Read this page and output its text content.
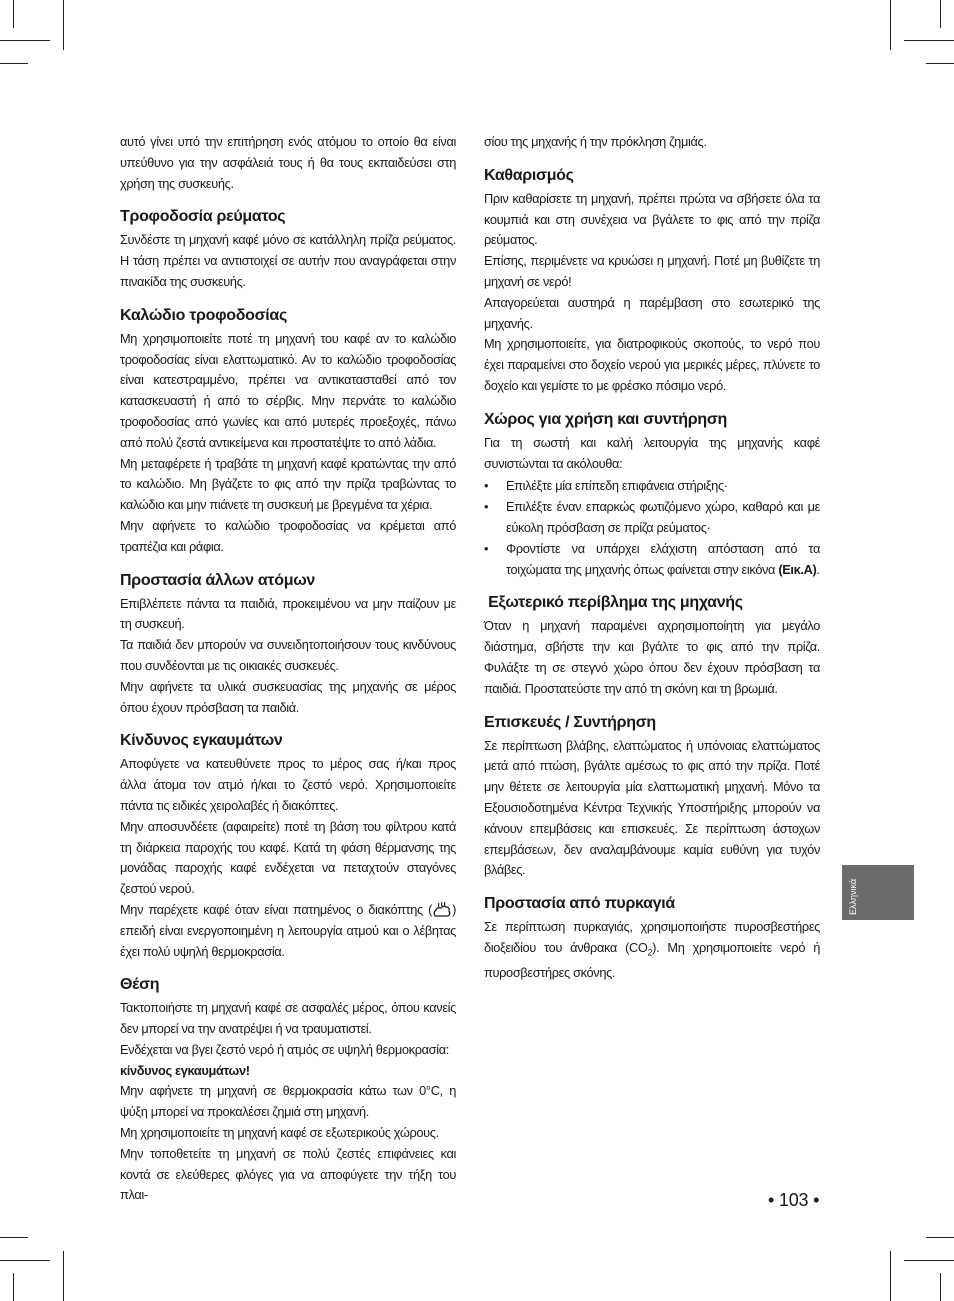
αυτό γίνει υπό την επιτήρηση ενός ατόμου το οποίο θα είναι υπεύθυνο για την ασφάλειά τους ή θα τους εκπαιδεύσει στη χρήση της συσκευής.

Τροφοδοσία ρεύματος

Συνδέστε τη μηχανή καφέ μόνο σε κατάλληλη πρίζα ρεύματος. Η τάση πρέπει να αντιστοιχεί σε αυτήν που αναγράφεται στην πινακίδα της συσκευής.

Καλώδιο τροφοδοσίας

Μη χρησιμοποιείτε ποτέ τη μηχανή του καφέ αν το καλώδιο τροφοδοσίας είναι ελαττωματικό. Αν το καλώδιο τροφοδοσίας είναι κατεστραμμένο, πρέπει να αντικατασταθεί από τον κατασκευαστή ή από το σέρβις. Μην περνάτε το καλώδιο τροφοδοσίας από γωνίες και από μυτερές προεξοχές, πάνω από πολύ ζεστά αντικείμενα και προστατέψτε το από λάδια.

Μη μεταφέρετε ή τραβάτε τη μηχανή καφέ κρατώντας την από το καλώδιο. Μη βγάζετε το φις από την πρίζα τραβώντας το καλώδιο και μην πιάνετε τη συσκευή με βρεγμένα τα χέρια.

Μην αφήνετε το καλώδιο τροφοδοσίας να κρέμεται από τραπέζια και ράφια.

Προστασία άλλων ατόμων

Επιβλέπετε πάντα τα παιδιά, προκειμένου να μην παίζουν με τη συσκευή.

Τα παιδιά δεν μπορούν να συνειδητοποιήσουν τους κινδύνους που συνδέονται με τις οικιακές συσκευές.

Μην αφήνετε τα υλικά συσκευασίας της μηχανής σε μέρος όπου έχουν πρόσβαση τα παιδιά.

Κίνδυνος εγκαυμάτων

Αποφύγετε να κατευθύνετε προς το μέρος σας ή/και προς άλλα άτομα τον ατμό ή/και το ζεστό νερό. Χρησιμοποιείτε πάντα τις ειδικές χειρολαβές ή διακόπτες.

Μην αποσυνδέετε (αφαιρείτε) ποτέ τη βάση του φίλτρου κατά τη διάρκεια παροχής του καφέ. Κατά τη φάση θέρμανσης της μονάδας παροχής καφέ ενδέχεται να πεταχτούν σταγόνες ζεστού νερού.

Μην παρέχετε καφέ όταν είναι πατημένος ο διακόπτης ( ) επειδή είναι ενεργοποιημένη η λειτουργία ατμού και ο λέβητας έχει πολύ υψηλή θερμοκρασία.

Θέση

Τακτοποιήστε τη μηχανή καφέ σε ασφαλές μέρος, όπου κανείς δεν μπορεί να την ανατρέψει ή να τραυματιστεί.

Ενδέχεται να βγει ζεστό νερό ή ατμός σε υψηλή θερμοκρασία:

κίνδυνος εγκαυμάτων!

Μην αφήνετε τη μηχανή σε θερμοκρασία κάτω των 0°C, η ψύξη μπορεί να προκαλέσει ζημιά στη μηχανή.

Μη χρησιμοποιείτε τη μηχανή καφέ σε εξωτερικούς χώρους.

Μην τοποθετείτε τη μηχανή σε πολύ ζεστές επιφάνειες και κοντά σε ελεύθερες φλόγες για να αποφύγετε την τήξη του πλαι-

σίου της μηχανής ή την πρόκληση ζημιάς.

Καθαρισμός

Πριν καθαρίσετε τη μηχανή, πρέπει πρώτα να σβήσετε όλα τα κουμπιά και στη συνέχεια να βγάλετε το φις από την πρίζα ρεύματος.

Επίσης, περιμένετε να κρυώσει η μηχανή. Ποτέ μη βυθίζετε τη μηχανή σε νερό!

Απαγορεύεται αυστηρά η παρέμβαση στο εσωτερικό της μηχανής.

Μη χρησιμοποιείτε, για διατροφικούς σκοπούς, το νερό που έχει παραμείνει στο δοχείο νερού για μερικές μέρες, πλύνετε το δοχείο και γεμίστε το με φρέσκο πόσιμο νερό.

Χώρος για χρήση και συντήρηση

Για τη σωστή και καλή λειτουργία της μηχανής καφέ συνιστώνται τα ακόλουθα:

• Επιλέξτε μία επίπεδη επιφάνεια στήριξης·
• Επιλέξτε έναν επαρκώς φωτιζόμενο χώρο, καθαρό και με εύκολη πρόσβαση σε πρίζα ρεύματος·
• Φροντίστε να υπάρχει ελάχιστη απόσταση από τα τοιχώματα της μηχανής όπως φαίνεται στην εικόνα (Εικ.A).
Εξωτερικό περίβλημα της μηχανής

Όταν η μηχανή παραμένει αχρησιμοποίητη για μεγάλο διάστημα, σβήστε την και βγάλτε το φις από την πρίζα. Φυλάξτε τη σε στεγνό χώρο όπου δεν έχουν πρόσβαση τα παιδιά. Προστατεύστε την από τη σκόνη και τη βρωμιά.

Επισκευές / Συντήρηση

Σε περίπτωση βλάβης, ελαττώματος ή υπόνοιας ελαττώματος μετά από πτώση, βγάλτε αμέσως το φις από την πρίζα. Ποτέ μην θέτετε σε λειτουργία μία ελαττωματική μηχανή. Μόνο τα Εξουσιοδοτημένα Κέντρα Τεχνικής Υποστήριξης μπορούν να κάνουν επεμβάσεις και επισκευές. Σε περίπτωση άστοχων επεμβάσεων, δεν αναλαμβάνουμε καμία ευθύνη για τυχόν βλάβες.

Προστασία από πυρκαγιά

Σε περίπτωση πυρκαγιάς, χρησιμοποιήστε πυροσβεστήρες διοξειδίου του άνθρακα $(CO_2)$. Μη χρησιμοποιείτε νερό ή πυροσβεστήρες σκόνης.

Ελληνικά
• 103 •
